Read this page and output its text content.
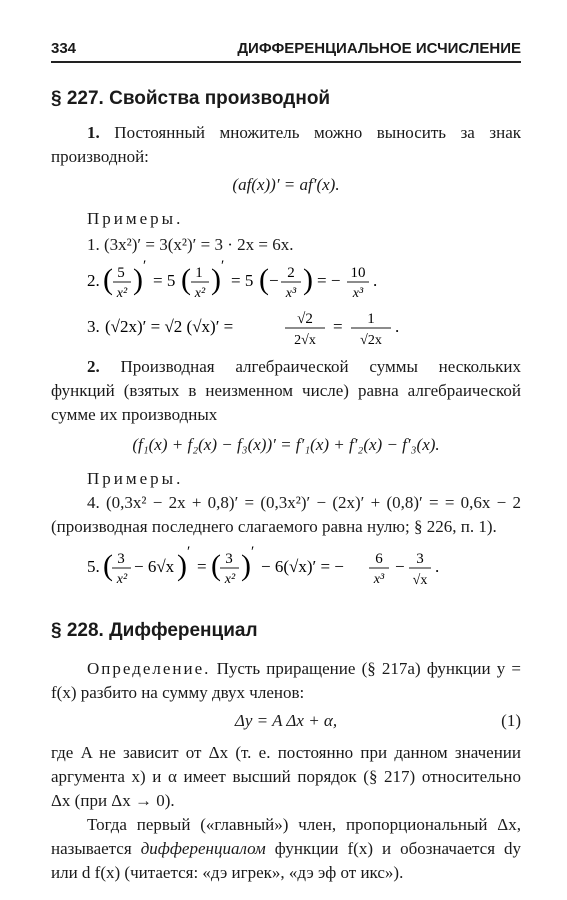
334	ДИФФЕРЕНЦИАЛЬНОЕ ИСЧИСЛЕНИЕ
§ 227. Свойства производной

1. Постоянный множитель можно выносить за знак производной:

(af(x))′ = af′(x).

Примеры.

1. (3x²)′ = 3(x²)′ = 3 · 2x = 6x.
2. ( 5
x² ) ′
= 5 ( 1
x² ) ′
= 5 ( − 2
x³ ) = − 10
x³
.
3. (√2x)′ = √2 (√x)′ =	√2
2√x
= 1
√2x
.

2. Производная алгебраической суммы нескольких функций (взятых в неизменном числе) равна алгебраической сумме их производных

(f₁(x) + f₂(x) − f₃(x))′ = f′₁(x) + f′₂(x) − f′₃(x).

Примеры.

4. (0,3x² − 2x + 0,8)′ = (0,3x²)′ − (2x)′ + (0,8)′ = = 0,6x − 2 (производная последнего слагаемого равна нулю; § 226, п. 1).

5. ( 3
x²
− 6√x ) ′
= ( 3
x² ) ′
− 6(√x)′ = − 6
x³
− 3
√x
.
§ 228. Дифференциал

Определение. Пусть приращение (§ 217а) функции y = f(x) разбито на сумму двух членов:

Δy = A Δx + α,	(1)

где A не зависит от Δx (т. е. постоянно при данном значении аргумента x) и α имеет высший порядок (§ 217) относительно Δx (при Δx → 0).

Тогда первый («главный») член, пропорциональный Δx, называется дифференциалом функции f(x) и обозначается dy или d f(x) (читается: «дэ игрек», «дэ эф от икс»).
